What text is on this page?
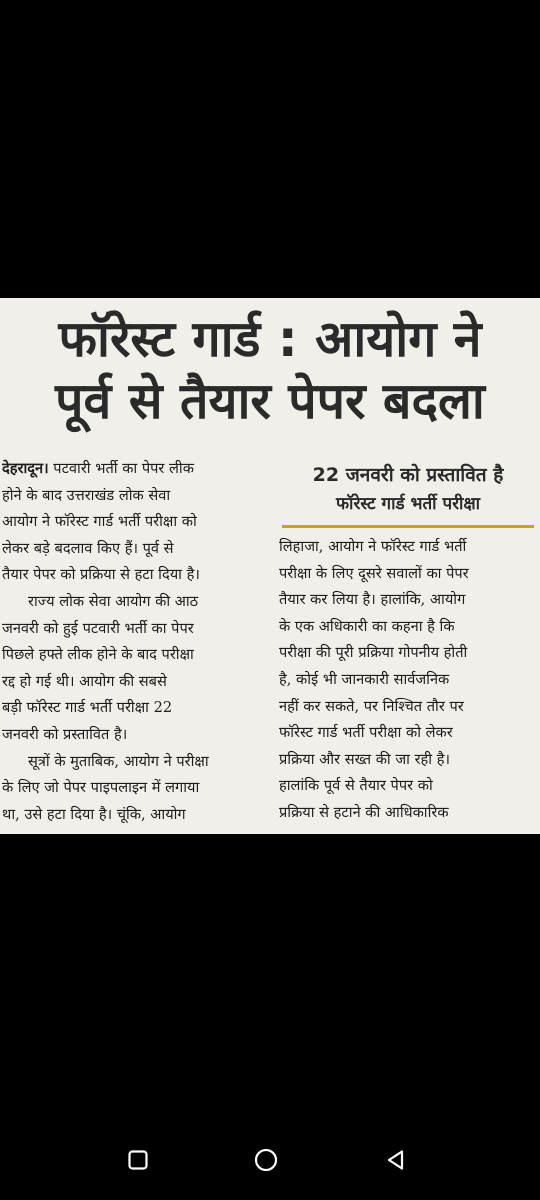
फॉरेस्ट गार्ड : आयोग ने
पूर्व से तैयार पेपर बदला
देहरादून। पटवारी भर्ती का पेपर लीक
होने के बाद उत्तराखंड लोक सेवा
आयोग ने फॉरेस्ट गार्ड भर्ती परीक्षा को
लेकर बड़े बदलाव किए हैं। पूर्व से
तैयार पेपर को प्रक्रिया से हटा दिया है।
राज्य लोक सेवा आयोग की आठ
जनवरी को हुई पटवारी भर्ती का पेपर
पिछले हफ्ते लीक होने के बाद परीक्षा
रद्द हो गई थी। आयोग की सबसे
बड़ी फॉरेस्ट गार्ड भर्ती परीक्षा 22
जनवरी को प्रस्तावित है।
सूत्रों के मुताबिक, आयोग ने परीक्षा
के लिए जो पेपर पाइपलाइन में लगाया
था, उसे हटा दिया है। चूंकि, आयोग
22 जनवरी को प्रस्तावित है
फॉरेस्ट गार्ड भर्ती परीक्षा
लिहाजा, आयोग ने फॉरेस्ट गार्ड भर्ती
परीक्षा के लिए दूसरे सवालों का पेपर
तैयार कर लिया है। हालांकि, आयोग
के एक अधिकारी का कहना है कि
परीक्षा की पूरी प्रक्रिया गोपनीय होती
है, कोई भी जानकारी सार्वजनिक
नहीं कर सकते, पर निश्चित तौर पर
फॉरेस्ट गार्ड भर्ती परीक्षा को लेकर
प्रक्रिया और सख्त की जा रही है।
हालांकि पूर्व से तैयार पेपर को
प्रक्रिया से हटाने की आधिकारिक
